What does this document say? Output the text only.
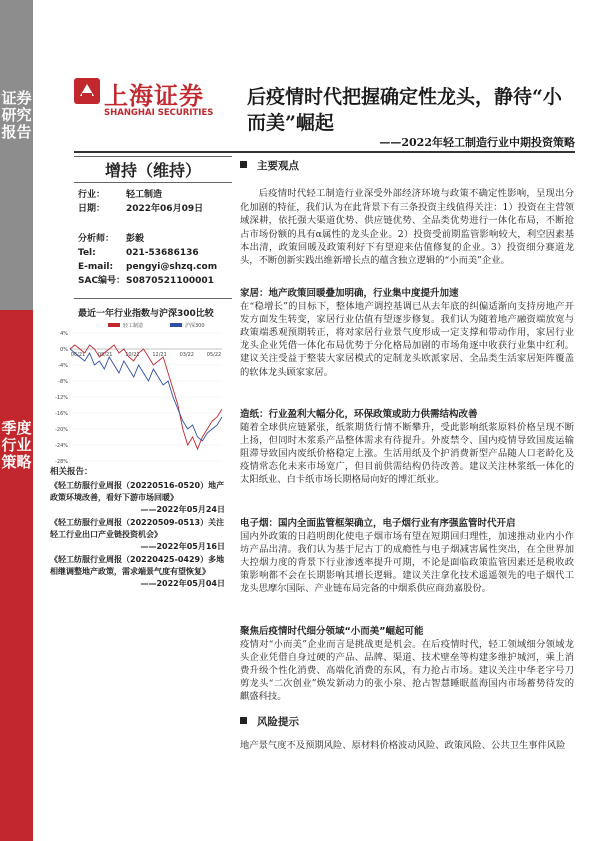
证券研究报告
季度行业策略
上海证券
SHANGHAI SECURITIES
后疫情时代把握确定性龙头，静待“小而美”崛起
——2022年轻工制造行业中期投资策略
增持（维持）
行业： 轻工制造
日期： 2022年06月09日
分析师： 彭毅
Tel:	021-53686136
E-mail: pengyi@shzq.com
SAC编号：S0870521100001
最近一年行业指数与沪深300比较
4%
0%
-4%
-8%
-12%
-16%
-20%
-24%
-28%
06/21	08/21	10/21	12/21	03/22	05/22
轻工制造	沪深300
相关报告：
《轻工纺服行业周报（20220516-0520）地产政策环境改善，看好下游市场回暖》
——2022年05月24日
《轻工纺服行业周报（20220509-0513）关注轻工行业出口产业链投资机会》
——2022年05月16日
《轻工纺服行业周报（20220425-0429）多地相继调整地产政策，需求端景气度有望恢复》
——2022年05月04日
主要观点

后疫情时代轻工制造行业深受外部经济环境与政策不确定性影响，呈现出分化加剧的特征，我们认为在此背景下有三条投资主线值得关注：1）投资在主营领域深耕，依托强大渠道优势、供应链优势、全品类优势进行一体化布局，不断抢占市场份额的具有α属性的龙头企业。2）投资受前期监管影响较大，利空因素基本出清，政策回暖及政策利好下有望迎来估值修复的企业。3）投资细分赛道龙头，不断创新实践出维新增长点的蕴含独立逻辑的“小而美”企业。

家居：地产政策回暖叠加明确，行业集中度提升加速

在“稳增长”的目标下，整体地产调控基调已从去年底的纠偏适渐向支持房地产开发方面发生转变，家居行业估值有望逐步修复。我们认为随着地产融资端放宽与政策端悉观预期转正，将对家居行业景气度形成一定支撑和带动作用，家居行业龙头企业凭借一体化布局优势于分化格局加剧的市场角逐中收获行业集中红利。建议关注受益于整装大家居模式的定制龙头欧派家居、全品类生活家居矩阵覆盖的软体龙头顾家家居。

造纸：行业盈利大幅分化，环保政策或助力供需结构改善

随着全球供应链紧张，纸浆期货行情不断攀升，受此影响纸浆原料价格呈现不断上扬，但同时木浆系产品整体需求有待提升。外废禁令、国内疫情导致国废运输阻滞导致国内废纸价格稳定上涨。生活用纸及个护消费新型产品随人口老龄化及疫情常态化未来市场宽广，但目前供需结构仍待改善。建议关注林浆纸一体化的太阳纸业、白卡纸市场长期格局向好的博汇纸业。

电子烟：国内全面监管框架确立，电子烟行业有序强监管时代开启

国内外政策的日趋明朗化使电子烟市场有望在短期回归理性，加速推动业内小作坊产品出清。我们认为基于尼古丁的成瘾性与电子烟减害属性突出，在全世界加大控烟力度的背景下行业渗透率提升可期，不论是面临政策监管因素还是税收政策影响都不会在长期影响其增长逻辑。建议关注拿化技术遥遥领先的电子烟代工龙头思摩尔国际、产业链布局完备的中烟系供应商劲嘉股份。

聚焦后疫情时代细分领域“小而美”崛起可能

疫情对“小而美”企业而言是挑战更是机会。在后疫情时代，轻工领域细分领域龙头企业凭借自身过硬的产品、品牌、渠道、技术壁垒等构建多维护城河，乘上消费升级个性化消费、高端化消费的东风，有力抢占市场。建议关注中华老字号刀剪龙头“二次创业”焕发新动力的张小泉、抢占智慧睡眠蓝海国内市场蓄势待发的麒盛科技。

风险提示

地产景气度不及预期风险、原材料价格波动风险、政策风险、公共卫生事件风险
